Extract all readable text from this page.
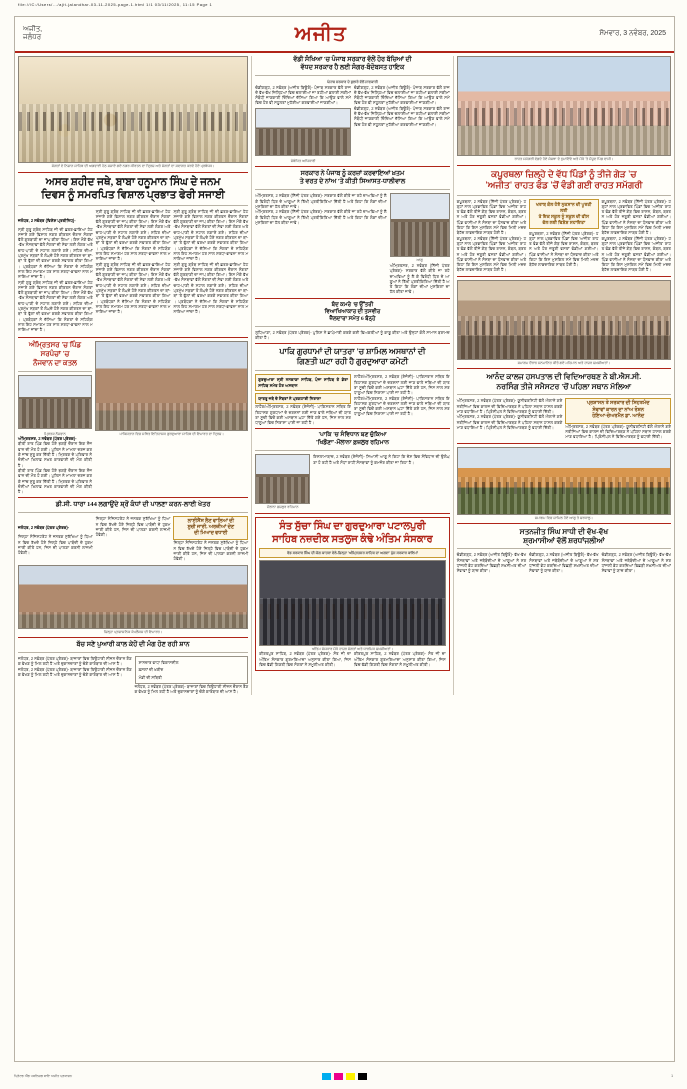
file:///C:/Users/.../ajit-jalandhar-03-11-2025-page-1.html 1/1 03/11/2025, 11:15 Page 1
ਅਜੀਤ,
ਜਲੰਧਰ	ਅਜੀਤ	ਸੋਮਵਾਰ, 3 ਨਵੰਬਰ, 2025
ਸੰਗਤਾਂ ਦੇ ਨਿਸ਼ਾਨ ਸਾਹਿਬ ਦੀ ਅਗਵਾਈ ਹੇਠ ਸਜਾਏ ਗਏ ਨਗਰ ਕੀਰਤਨ ਦਾ ਦ੍ਰਿਸ਼ ਅਤੇ ਸੰਗਤਾਂ ਦਾ ਸਵਾਗਤ ਕਰਦੇ ਹੋਏ ਪ੍ਰਬੰਧਕ।
ਅਸਰ ਸ਼ਹੀਦ ਜਥੇ, ਬਾਬਾ ਹਨੂਮਾਨ ਸਿੰਘ ਦੇ ਜਨਮ
ਦਿਵਸ ਨੂੰ ਸਮਰਪਿਤ ਵਿਸ਼ਾਲ ਪ੍ਰਭਾਤ ਫੇਰੀ ਸਜਾਈ
ਜਲੰਧਰ, 2 ਨਵੰਬਰ (ਵਿਸ਼ੇਸ਼ ਪ੍ਰਤੀਨਿਧ)-
ਸ੍ਰੀ ਗੁਰੂ ਗ੍ਰੰਥ ਸਾਹਿਬ ਜੀ ਦੀ ਛਤਰ-ਛਾਇਆ ਹੇਠ ਸਜਾਏ ਗਏ ਵਿਸ਼ਾਲ ਨਗਰ ਕੀਰਤਨ ਦੌਰਾਨ ਸੰਗਤਾਂ ਵੱਲੋਂ ਗੁਰਬਾਣੀ ਦਾ ਜਾਪ ਕੀਤਾ ਗਿਆ। ਇਸ ਮੌਕੇ ਵੱਖ-ਵੱਖ ਸੰਸਥਾਵਾਂ ਵੱਲੋਂ ਸੰਗਤਾਂ ਦੀ ਸੇਵਾ ਲਈ ਲੰਗਰ ਅਤੇ ਚਾਹ-ਪਾਣੀ ਦੇ ਸਟਾਲ ਲਗਾਏ ਗਏ। ਸ਼ਹਿਰ ਦੀਆਂ ਪ੍ਰਮੁੱਖ ਸੜਕਾਂ ਤੋਂ ਲੰਘਦੇ ਹੋਏ ਨਗਰ ਕੀਰਤਨ ਦਾ ਥਾਂ-ਥਾਂ 'ਤੇ ਫੁੱਲਾਂ ਦੀ ਵਰਖਾ ਕਰਕੇ ਸਵਾਗਤ ਕੀਤਾ ਗਿਆ। ਪ੍ਰਬੰਧਕਾਂ ਨੇ ਦੱਸਿਆ ਕਿ ਸੰਗਤਾਂ ਦੇ ਸਹਿਯੋਗ ਨਾਲ ਇਹ ਸਮਾਗਮ ਹਰ ਸਾਲ ਸ਼ਰਧਾ-ਭਾਵਨਾ ਨਾਲ ਮਨਾਇਆ ਜਾਂਦਾ ਹੈ।
ਸ੍ਰੀ ਗੁਰੂ ਗ੍ਰੰਥ ਸਾਹਿਬ ਜੀ ਦੀ ਛਤਰ-ਛਾਇਆ ਹੇਠ ਸਜਾਏ ਗਏ ਵਿਸ਼ਾਲ ਨਗਰ ਕੀਰਤਨ ਦੌਰਾਨ ਸੰਗਤਾਂ ਵੱਲੋਂ ਗੁਰਬਾਣੀ ਦਾ ਜਾਪ ਕੀਤਾ ਗਿਆ। ਇਸ ਮੌਕੇ ਵੱਖ-ਵੱਖ ਸੰਸਥਾਵਾਂ ਵੱਲੋਂ ਸੰਗਤਾਂ ਦੀ ਸੇਵਾ ਲਈ ਲੰਗਰ ਅਤੇ ਚਾਹ-ਪਾਣੀ ਦੇ ਸਟਾਲ ਲਗਾਏ ਗਏ। ਸ਼ਹਿਰ ਦੀਆਂ ਪ੍ਰਮੁੱਖ ਸੜਕਾਂ ਤੋਂ ਲੰਘਦੇ ਹੋਏ ਨਗਰ ਕੀਰਤਨ ਦਾ ਥਾਂ-ਥਾਂ 'ਤੇ ਫੁੱਲਾਂ ਦੀ ਵਰਖਾ ਕਰਕੇ ਸਵਾਗਤ ਕੀਤਾ ਗਿਆ। ਪ੍ਰਬੰਧਕਾਂ ਨੇ ਦੱਸਿਆ ਕਿ ਸੰਗਤਾਂ ਦੇ ਸਹਿਯੋਗ ਨਾਲ ਇਹ ਸਮਾਗਮ ਹਰ ਸਾਲ ਸ਼ਰਧਾ-ਭਾਵਨਾ ਨਾਲ ਮਨਾਇਆ ਜਾਂਦਾ ਹੈ।
ਸ੍ਰੀ ਗੁਰੂ ਗ੍ਰੰਥ ਸਾਹਿਬ ਜੀ ਦੀ ਛਤਰ-ਛਾਇਆ ਹੇਠ ਸਜਾਏ ਗਏ ਵਿਸ਼ਾਲ ਨਗਰ ਕੀਰਤਨ ਦੌਰਾਨ ਸੰਗਤਾਂ ਵੱਲੋਂ ਗੁਰਬਾਣੀ ਦਾ ਜਾਪ ਕੀਤਾ ਗਿਆ। ਇਸ ਮੌਕੇ ਵੱਖ-ਵੱਖ ਸੰਸਥਾਵਾਂ ਵੱਲੋਂ ਸੰਗਤਾਂ ਦੀ ਸੇਵਾ ਲਈ ਲੰਗਰ ਅਤੇ ਚਾਹ-ਪਾਣੀ ਦੇ ਸਟਾਲ ਲਗਾਏ ਗਏ। ਸ਼ਹਿਰ ਦੀਆਂ ਪ੍ਰਮੁੱਖ ਸੜਕਾਂ ਤੋਂ ਲੰਘਦੇ ਹੋਏ ਨਗਰ ਕੀਰਤਨ ਦਾ ਥਾਂ-ਥਾਂ 'ਤੇ ਫੁੱਲਾਂ ਦੀ ਵਰਖਾ ਕਰਕੇ ਸਵਾਗਤ ਕੀਤਾ ਗਿਆ। ਪ੍ਰਬੰਧਕਾਂ ਨੇ ਦੱਸਿਆ ਕਿ ਸੰਗਤਾਂ ਦੇ ਸਹਿਯੋਗ ਨਾਲ ਇਹ ਸਮਾਗਮ ਹਰ ਸਾਲ ਸ਼ਰਧਾ-ਭਾਵਨਾ ਨਾਲ ਮਨਾਇਆ ਜਾਂਦਾ ਹੈ।
ਸ੍ਰੀ ਗੁਰੂ ਗ੍ਰੰਥ ਸਾਹਿਬ ਜੀ ਦੀ ਛਤਰ-ਛਾਇਆ ਹੇਠ ਸਜਾਏ ਗਏ ਵਿਸ਼ਾਲ ਨਗਰ ਕੀਰਤਨ ਦੌਰਾਨ ਸੰਗਤਾਂ ਵੱਲੋਂ ਗੁਰਬਾਣੀ ਦਾ ਜਾਪ ਕੀਤਾ ਗਿਆ। ਇਸ ਮੌਕੇ ਵੱਖ-ਵੱਖ ਸੰਸਥਾਵਾਂ ਵੱਲੋਂ ਸੰਗਤਾਂ ਦੀ ਸੇਵਾ ਲਈ ਲੰਗਰ ਅਤੇ ਚਾਹ-ਪਾਣੀ ਦੇ ਸਟਾਲ ਲਗਾਏ ਗਏ। ਸ਼ਹਿਰ ਦੀਆਂ ਪ੍ਰਮੁੱਖ ਸੜਕਾਂ ਤੋਂ ਲੰਘਦੇ ਹੋਏ ਨਗਰ ਕੀਰਤਨ ਦਾ ਥਾਂ-ਥਾਂ 'ਤੇ ਫੁੱਲਾਂ ਦੀ ਵਰਖਾ ਕਰਕੇ ਸਵਾਗਤ ਕੀਤਾ ਗਿਆ। ਪ੍ਰਬੰਧਕਾਂ ਨੇ ਦੱਸਿਆ ਕਿ ਸੰਗਤਾਂ ਦੇ ਸਹਿਯੋਗ ਨਾਲ ਇਹ ਸਮਾਗਮ ਹਰ ਸਾਲ ਸ਼ਰਧਾ-ਭਾਵਨਾ ਨਾਲ ਮਨਾਇਆ ਜਾਂਦਾ ਹੈ।
ਸ੍ਰੀ ਗੁਰੂ ਗ੍ਰੰਥ ਸਾਹਿਬ ਜੀ ਦੀ ਛਤਰ-ਛਾਇਆ ਹੇਠ ਸਜਾਏ ਗਏ ਵਿਸ਼ਾਲ ਨਗਰ ਕੀਰਤਨ ਦੌਰਾਨ ਸੰਗਤਾਂ ਵੱਲੋਂ ਗੁਰਬਾਣੀ ਦਾ ਜਾਪ ਕੀਤਾ ਗਿਆ। ਇਸ ਮੌਕੇ ਵੱਖ-ਵੱਖ ਸੰਸਥਾਵਾਂ ਵੱਲੋਂ ਸੰਗਤਾਂ ਦੀ ਸੇਵਾ ਲਈ ਲੰਗਰ ਅਤੇ ਚਾਹ-ਪਾਣੀ ਦੇ ਸਟਾਲ ਲਗਾਏ ਗਏ। ਸ਼ਹਿਰ ਦੀਆਂ ਪ੍ਰਮੁੱਖ ਸੜਕਾਂ ਤੋਂ ਲੰਘਦੇ ਹੋਏ ਨਗਰ ਕੀਰਤਨ ਦਾ ਥਾਂ-ਥਾਂ 'ਤੇ ਫੁੱਲਾਂ ਦੀ ਵਰਖਾ ਕਰਕੇ ਸਵਾਗਤ ਕੀਤਾ ਗਿਆ। ਪ੍ਰਬੰਧਕਾਂ ਨੇ ਦੱਸਿਆ ਕਿ ਸੰਗਤਾਂ ਦੇ ਸਹਿਯੋਗ ਨਾਲ ਇਹ ਸਮਾਗਮ ਹਰ ਸਾਲ ਸ਼ਰਧਾ-ਭਾਵਨਾ ਨਾਲ ਮਨਾਇਆ ਜਾਂਦਾ ਹੈ।
ਸ੍ਰੀ ਗੁਰੂ ਗ੍ਰੰਥ ਸਾਹਿਬ ਜੀ ਦੀ ਛਤਰ-ਛਾਇਆ ਹੇਠ ਸਜਾਏ ਗਏ ਵਿਸ਼ਾਲ ਨਗਰ ਕੀਰਤਨ ਦੌਰਾਨ ਸੰਗਤਾਂ ਵੱਲੋਂ ਗੁਰਬਾਣੀ ਦਾ ਜਾਪ ਕੀਤਾ ਗਿਆ। ਇਸ ਮੌਕੇ ਵੱਖ-ਵੱਖ ਸੰਸਥਾਵਾਂ ਵੱਲੋਂ ਸੰਗਤਾਂ ਦੀ ਸੇਵਾ ਲਈ ਲੰਗਰ ਅਤੇ ਚਾਹ-ਪਾਣੀ ਦੇ ਸਟਾਲ ਲਗਾਏ ਗਏ। ਸ਼ਹਿਰ ਦੀਆਂ ਪ੍ਰਮੁੱਖ ਸੜਕਾਂ ਤੋਂ ਲੰਘਦੇ ਹੋਏ ਨਗਰ ਕੀਰਤਨ ਦਾ ਥਾਂ-ਥਾਂ 'ਤੇ ਫੁੱਲਾਂ ਦੀ ਵਰਖਾ ਕਰਕੇ ਸਵਾਗਤ ਕੀਤਾ ਗਿਆ। ਪ੍ਰਬੰਧਕਾਂ ਨੇ ਦੱਸਿਆ ਕਿ ਸੰਗਤਾਂ ਦੇ ਸਹਿਯੋਗ ਨਾਲ ਇਹ ਸਮਾਗਮ ਹਰ ਸਾਲ ਸ਼ਰਧਾ-ਭਾਵਨਾ ਨਾਲ ਮਨਾਇਆ ਜਾਂਦਾ ਹੈ।
ਅੰਮ੍ਰਿਤਸਰ 'ਚ ਪਿੰਡ
ਸਰਪੰਚਾਂ 'ਚ
ਨੌਜਵਾਨ ਦਾ ਕਤਲ
ਮ੍ਰਿਤਕ ਨੌਜਵਾਨ
ਅੰਮ੍ਰਿਤਸਰ, 2 ਨਵੰਬਰ (ਪੱਤਰ ਪ੍ਰੇਰਕ)-
ਬੀਤੀ ਰਾਤ ਪਿੰਡ ਵਿਚ ਹੋਏ ਝਗੜੇ ਦੌਰਾਨ ਇਕ ਨੌਜਵਾਨ ਦੀ ਮੌਤ ਹੋ ਗਈ। ਪੁਲਿਸ ਨੇ ਮਾਮਲਾ ਦਰਜ ਕਰਕੇ ਜਾਂਚ ਸ਼ੁਰੂ ਕਰ ਦਿੱਤੀ ਹੈ। ਮ੍ਰਿਤਕ ਦੇ ਪਰਿਵਾਰ ਨੇ ਦੋਸ਼ੀਆਂ ਖ਼ਿਲਾਫ਼ ਸਖ਼ਤ ਕਾਰਵਾਈ ਦੀ ਮੰਗ ਕੀਤੀ ਹੈ।
ਬੀਤੀ ਰਾਤ ਪਿੰਡ ਵਿਚ ਹੋਏ ਝਗੜੇ ਦੌਰਾਨ ਇਕ ਨੌਜਵਾਨ ਦੀ ਮੌਤ ਹੋ ਗਈ। ਪੁਲਿਸ ਨੇ ਮਾਮਲਾ ਦਰਜ ਕਰਕੇ ਜਾਂਚ ਸ਼ੁਰੂ ਕਰ ਦਿੱਤੀ ਹੈ। ਮ੍ਰਿਤਕ ਦੇ ਪਰਿਵਾਰ ਨੇ ਦੋਸ਼ੀਆਂ ਖ਼ਿਲਾਫ਼ ਸਖ਼ਤ ਕਾਰਵਾਈ ਦੀ ਮੰਗ ਕੀਤੀ ਹੈ।
ਪਾਕਿਸਤਾਨ ਵਿਚ ਸਥਿਤ ਇਤਿਹਾਸਕ ਗੁਰਦੁਆਰਾ ਸਾਹਿਬ ਦੀ ਇਮਾਰਤ ਦਾ ਦ੍ਰਿਸ਼।
ਡੀ.ਸੀ. ਧਾਰਾ 144 ਲਗਾਉਂਦੇ ਸ਼੍ਰੋਂ ਕੰਧਾਂ ਦੀ ਪਾਲਣਾ ਕਰਨ-ਲਾਈ ਖੇਤਰ
ਜਲੰਧਰ, 2 ਨਵੰਬਰ (ਪੱਤਰ ਪ੍ਰੇਰਕ)-
ਜ਼ਿਲ੍ਹਾ ਮੈਜਿਸਟਰੇਟ ਨੇ ਜਨਤਕ ਸੁਰੱਖਿਆ ਨੂੰ ਧਿਆਨ ਵਿਚ ਰੱਖਦੇ ਹੋਏ ਜ਼ਿਲ੍ਹੇ ਵਿਚ ਪਾਬੰਦੀ ਦੇ ਹੁਕਮ ਜਾਰੀ ਕੀਤੇ ਹਨ, ਜਿਸ ਦੀ ਪਾਲਣਾ ਕਰਨੀ ਲਾਜ਼ਮੀ ਹੋਵੇਗੀ।
ਜ਼ਿਲ੍ਹਾ ਮੈਜਿਸਟਰੇਟ ਨੇ ਜਨਤਕ ਸੁਰੱਖਿਆ ਨੂੰ ਧਿਆਨ ਵਿਚ ਰੱਖਦੇ ਹੋਏ ਜ਼ਿਲ੍ਹੇ ਵਿਚ ਪਾਬੰਦੀ ਦੇ ਹੁਕਮ ਜਾਰੀ ਕੀਤੇ ਹਨ, ਜਿਸ ਦੀ ਪਾਲਣਾ ਕਰਨੀ ਲਾਜ਼ਮੀ ਹੋਵੇਗੀ।
ਲਾਈਸੈਂਸ ਲੈਣ ਵਾਲਿਆਂ ਦੀ
ਸੂਚੀ ਜਾਰੀ, ਅਰਜ਼ੀਆਂ ਦੇਣ
ਦੀ ਮਿਆਦ ਵਧਾਈ
ਜ਼ਿਲ੍ਹਾ ਮੈਜਿਸਟਰੇਟ ਨੇ ਜਨਤਕ ਸੁਰੱਖਿਆ ਨੂੰ ਧਿਆਨ ਵਿਚ ਰੱਖਦੇ ਹੋਏ ਜ਼ਿਲ੍ਹੇ ਵਿਚ ਪਾਬੰਦੀ ਦੇ ਹੁਕਮ ਜਾਰੀ ਕੀਤੇ ਹਨ, ਜਿਸ ਦੀ ਪਾਲਣਾ ਕਰਨੀ ਲਾਜ਼ਮੀ ਹੋਵੇਗੀ।
ਜ਼ਿਲ੍ਹਾ ਪ੍ਰਸ਼ਾਸਨਿਕ ਕੰਪਲੈਕਸ ਦੀ ਇਮਾਰਤ।
ਬੱਚ ਸਣੇ ਪੁਆਰੀ ਕਾਲ ਕੇਹੋਂ ਦੀ ਮੰਗ ਹੋਣ ਰਹੀ ਸ਼ਾਨ
ਜਲੰਧਰ, 2 ਨਵੰਬਰ (ਪੱਤਰ ਪ੍ਰੇਰਕ)- ਬਾਜ਼ਾਰਾਂ ਵਿਚ ਤਿਉਹਾਰੀ ਸੀਜ਼ਨ ਦੌਰਾਨ ਰੌਣਕ ਵੇਖਣ ਨੂੰ ਮਿਲ ਰਹੀ ਹੈ ਅਤੇ ਦੁਕਾਨਦਾਰਾਂ ਨੂੰ ਚੰਗੇ ਕਾਰੋਬਾਰ ਦੀ ਆਸ ਹੈ।
ਜਲੰਧਰ, 2 ਨਵੰਬਰ (ਪੱਤਰ ਪ੍ਰੇਰਕ)- ਬਾਜ਼ਾਰਾਂ ਵਿਚ ਤਿਉਹਾਰੀ ਸੀਜ਼ਨ ਦੌਰਾਨ ਰੌਣਕ ਵੇਖਣ ਨੂੰ ਮਿਲ ਰਹੀ ਹੈ ਅਤੇ ਦੁਕਾਨਦਾਰਾਂ ਨੂੰ ਚੰਗੇ ਕਾਰੋਬਾਰ ਦੀ ਆਸ ਹੈ।
ਸ਼ਾਨਦਾਰ ਵਾਧਾ ਵਿਕਾਸਸ਼ੀਲ
ਫ਼ਸਲਾਂ ਦੀ ਖ਼ਰੀਦ
ਮੰਡੀ ਦੀ ਸਥਿਤੀ
ਜਲੰਧਰ, 2 ਨਵੰਬਰ (ਪੱਤਰ ਪ੍ਰੇਰਕ)- ਬਾਜ਼ਾਰਾਂ ਵਿਚ ਤਿਉਹਾਰੀ ਸੀਜ਼ਨ ਦੌਰਾਨ ਰੌਣਕ ਵੇਖਣ ਨੂੰ ਮਿਲ ਰਹੀ ਹੈ ਅਤੇ ਦੁਕਾਨਦਾਰਾਂ ਨੂੰ ਚੰਗੇ ਕਾਰੋਬਾਰ ਦੀ ਆਸ ਹੈ।
ਵੱਡੀ ਸੰਖਿਆ 'ਚ ਪੰਜਾਬ ਸਰਕਾਰ ਵੱਲੋਂ ਹੋਰ ਬੱਚਿਆਂ ਦੀ
ਵੱਧਦ ਸਰਕਾਰ ਹੈ ਲਈ ਸੰਗਰ-ਬੰਦੋਬਸਤ ਹਾਇਕ
ਪੰਜਾਬ ਸਰਕਾਰ ਦੇ ਬੁਲਾਰੇ ਵੱਲੋਂ ਜਾਣਕਾਰੀ
ਚੰਡੀਗੜ੍ਹ, 2 ਨਵੰਬਰ (ਅਜੀਤ ਬਿਊਰੋ)- ਪੰਜਾਬ ਸਰਕਾਰ ਵੱਲੋਂ ਰਾਜ ਦੇ ਵੱਖ-ਵੱਖ ਜ਼ਿਲ੍ਹਿਆਂ ਵਿਚ ਚਲਾਈਆਂ ਜਾ ਰਹੀਆਂ ਭਲਾਈ ਸਕੀਮਾਂ ਸੰਬੰਧੀ ਜਾਣਕਾਰੀ ਦਿੰਦਿਆਂ ਦੱਸਿਆ ਗਿਆ ਕਿ ਆਉਣ ਵਾਲੇ ਸਮੇਂ ਵਿਚ ਹੋਰ ਵੀ ਸਹੂਲਤਾਂ ਮੁਹੱਈਆ ਕਰਵਾਈਆਂ ਜਾਣਗੀਆਂ।
ਸੰਬੰਧਿਤ ਅਧਿਕਾਰੀ
ਚੰਡੀਗੜ੍ਹ, 2 ਨਵੰਬਰ (ਅਜੀਤ ਬਿਊਰੋ)- ਪੰਜਾਬ ਸਰਕਾਰ ਵੱਲੋਂ ਰਾਜ ਦੇ ਵੱਖ-ਵੱਖ ਜ਼ਿਲ੍ਹਿਆਂ ਵਿਚ ਚਲਾਈਆਂ ਜਾ ਰਹੀਆਂ ਭਲਾਈ ਸਕੀਮਾਂ ਸੰਬੰਧੀ ਜਾਣਕਾਰੀ ਦਿੰਦਿਆਂ ਦੱਸਿਆ ਗਿਆ ਕਿ ਆਉਣ ਵਾਲੇ ਸਮੇਂ ਵਿਚ ਹੋਰ ਵੀ ਸਹੂਲਤਾਂ ਮੁਹੱਈਆ ਕਰਵਾਈਆਂ ਜਾਣਗੀਆਂ।
ਚੰਡੀਗੜ੍ਹ, 2 ਨਵੰਬਰ (ਅਜੀਤ ਬਿਊਰੋ)- ਪੰਜਾਬ ਸਰਕਾਰ ਵੱਲੋਂ ਰਾਜ ਦੇ ਵੱਖ-ਵੱਖ ਜ਼ਿਲ੍ਹਿਆਂ ਵਿਚ ਚਲਾਈਆਂ ਜਾ ਰਹੀਆਂ ਭਲਾਈ ਸਕੀਮਾਂ ਸੰਬੰਧੀ ਜਾਣਕਾਰੀ ਦਿੰਦਿਆਂ ਦੱਸਿਆ ਗਿਆ ਕਿ ਆਉਣ ਵਾਲੇ ਸਮੇਂ ਵਿਚ ਹੋਰ ਵੀ ਸਹੂਲਤਾਂ ਮੁਹੱਈਆ ਕਰਵਾਈਆਂ ਜਾਣਗੀਆਂ।
ਸਰਕਾਰ ਨੇ ਪੰਜਾਬ ਨੂੰ ਕਰਜ਼ਾਂ ਕਰਵਾਇਆਂ ਖ਼ਤਮ
ਤੇ ਵਰਤ ਦੇ ਨਾਂਅ 'ਤੇ ਕੀਤੀ ਸਿਆਸਤ-ਧਾਲੀਵਾਲ
ਅੰਮ੍ਰਿਤਸਰ, 2 ਨਵੰਬਰ (ਨਿੱਜੀ ਪੱਤਰ ਪ੍ਰੇਰਕ)- ਸਰਕਾਰ ਵੱਲੋਂ ਕੀਤੇ ਜਾ ਰਹੇ ਦਾਅਵਿਆਂ ਨੂੰ ਲੈ ਕੇ ਵਿਰੋਧੀ ਧਿਰ ਦੇ ਆਗੂਆਂ ਨੇ ਤਿੱਖੀ ਪ੍ਰਤੀਕਿਰਿਆ ਦਿੱਤੀ ਹੈ ਅਤੇ ਕਿਹਾ ਕਿ ਲੋਕਾਂ ਦੀਆਂ ਮੁਸ਼ਕਿਲਾਂ ਦਾ ਹੱਲ ਕੀਤਾ ਜਾਵੇ।
ਅੰਮ੍ਰਿਤਸਰ, 2 ਨਵੰਬਰ (ਨਿੱਜੀ ਪੱਤਰ ਪ੍ਰੇਰਕ)- ਸਰਕਾਰ ਵੱਲੋਂ ਕੀਤੇ ਜਾ ਰਹੇ ਦਾਅਵਿਆਂ ਨੂੰ ਲੈ ਕੇ ਵਿਰੋਧੀ ਧਿਰ ਦੇ ਆਗੂਆਂ ਨੇ ਤਿੱਖੀ ਪ੍ਰਤੀਕਿਰਿਆ ਦਿੱਤੀ ਹੈ ਅਤੇ ਕਿਹਾ ਕਿ ਲੋਕਾਂ ਦੀਆਂ ਮੁਸ਼ਕਿਲਾਂ ਦਾ ਹੱਲ ਕੀਤਾ ਜਾਵੇ।
ਆਗੂ
ਅੰਮ੍ਰਿਤਸਰ, 2 ਨਵੰਬਰ (ਨਿੱਜੀ ਪੱਤਰ ਪ੍ਰੇਰਕ)- ਸਰਕਾਰ ਵੱਲੋਂ ਕੀਤੇ ਜਾ ਰਹੇ ਦਾਅਵਿਆਂ ਨੂੰ ਲੈ ਕੇ ਵਿਰੋਧੀ ਧਿਰ ਦੇ ਆਗੂਆਂ ਨੇ ਤਿੱਖੀ ਪ੍ਰਤੀਕਿਰਿਆ ਦਿੱਤੀ ਹੈ ਅਤੇ ਕਿਹਾ ਕਿ ਲੋਕਾਂ ਦੀਆਂ ਮੁਸ਼ਕਿਲਾਂ ਦਾ ਹੱਲ ਕੀਤਾ ਜਾਵੇ।
ਬੰਦ ਕਮਰੇ 'ਚ ਉੱਤਰੀ
ਵਿਆਖਿਆਕਾਰ ਦੀ ਤਸਵੀਰ
ਜ਼ੈਲਦਾਰਾ ਸਮੇਤ 6 ਬੰਨ੍ਹੇ
ਲੁਧਿਆਣਾ, 2 ਨਵੰਬਰ (ਪੱਤਰ ਪ੍ਰੇਰਕ)- ਪੁਲਿਸ ਨੇ ਛਾਪੇਮਾਰੀ ਕਰਕੇ ਕਈ ਵਿਅਕਤੀਆਂ ਨੂੰ ਕਾਬੂ ਕੀਤਾ ਅਤੇ ਉਨ੍ਹਾਂ ਕੋਲੋਂ ਸਾਮਾਨ ਬਰਾਮਦ ਕੀਤਾ ਹੈ।
ਪਾਕਿ ਗੁਰਧਾਮਾਂ ਦੀ ਯਾਤਰਾ 'ਚ ਸ਼ਾਮਿਲ ਅਸਥਾਨਾਂ ਦੀ
ਗਿਣਤੀ ਘਟਾ ਰਹੀ ਹੈ ਗੁਰਦੁਆਰਾ ਕਮੇਟੀ
ਗੁਰਦੁਆਰਾ ਸ੍ਰੀ ਨਨਕਾਣਾ ਸਾਹਿਬ, ਪੰਜਾ ਸਾਹਿਬ ਤੇ ਡੇਰਾ ਸਾਹਿਬ ਸਮੇਤ ਹੋਰ ਅਸਥਾਨ
ਯਾਤਰੂ ਜਥੇ ਦੇ ਮੈਂਬਰਾਂ ਨੇ ਪ੍ਰਗਟਾਈ ਨਿਰਾਸ਼ਾ
ਲਾਹੌਰ/ਅੰਮ੍ਰਿਤਸਰ, 2 ਨਵੰਬਰ (ਏਜੰਸੀ)- ਪਾਕਿਸਤਾਨ ਸਥਿਤ ਇਤਿਹਾਸਕ ਗੁਰਧਾਮਾਂ ਦੇ ਦਰਸ਼ਨਾਂ ਲਈ ਜਾਣ ਵਾਲੇ ਜਥਿਆਂ ਦੀ ਯਾਤਰਾ ਸੂਚੀ ਵਿਚੋਂ ਕਈ ਅਸਥਾਨ ਘਟਾ ਦਿੱਤੇ ਗਏ ਹਨ, ਜਿਸ ਨਾਲ ਸ਼ਰਧਾਲੂਆਂ ਵਿਚ ਨਿਰਾਸ਼ਾ ਪਾਈ ਜਾ ਰਹੀ ਹੈ।
ਲਾਹੌਰ/ਅੰਮ੍ਰਿਤਸਰ, 2 ਨਵੰਬਰ (ਏਜੰਸੀ)- ਪਾਕਿਸਤਾਨ ਸਥਿਤ ਇਤਿਹਾਸਕ ਗੁਰਧਾਮਾਂ ਦੇ ਦਰਸ਼ਨਾਂ ਲਈ ਜਾਣ ਵਾਲੇ ਜਥਿਆਂ ਦੀ ਯਾਤਰਾ ਸੂਚੀ ਵਿਚੋਂ ਕਈ ਅਸਥਾਨ ਘਟਾ ਦਿੱਤੇ ਗਏ ਹਨ, ਜਿਸ ਨਾਲ ਸ਼ਰਧਾਲੂਆਂ ਵਿਚ ਨਿਰਾਸ਼ਾ ਪਾਈ ਜਾ ਰਹੀ ਹੈ।
ਲਾਹੌਰ/ਅੰਮ੍ਰਿਤਸਰ, 2 ਨਵੰਬਰ (ਏਜੰਸੀ)- ਪਾਕਿਸਤਾਨ ਸਥਿਤ ਇਤਿਹਾਸਕ ਗੁਰਧਾਮਾਂ ਦੇ ਦਰਸ਼ਨਾਂ ਲਈ ਜਾਣ ਵਾਲੇ ਜਥਿਆਂ ਦੀ ਯਾਤਰਾ ਸੂਚੀ ਵਿਚੋਂ ਕਈ ਅਸਥਾਨ ਘਟਾ ਦਿੱਤੇ ਗਏ ਹਨ, ਜਿਸ ਨਾਲ ਸ਼ਰਧਾਲੂਆਂ ਵਿਚ ਨਿਰਾਸ਼ਾ ਪਾਈ ਜਾ ਰਹੀ ਹੈ।
'ਪਾਕਿ 'ਚ ਸੰਵਿਧਾਨ ਬਣ ਚੁੱਕਿਆ
'ਖਿਡੌਣਾ'-ਮੌਲਾਨਾ ਫ਼ਜ਼ਲੁਰ ਰਹਿਮਾਨ
ਮੌਲਾਨਾ ਫ਼ਜ਼ਲੁਰ ਰਹਿਮਾਨ
ਇਸਲਾਮਾਬਾਦ, 2 ਨਵੰਬਰ (ਏਜੰਸੀ)- ਸਿਆਸੀ ਆਗੂ ਨੇ ਕਿਹਾ ਕਿ ਦੇਸ਼ ਵਿਚ ਸੰਵਿਧਾਨ ਦੀ ਉਲੰਘਣਾ ਹੋ ਰਹੀ ਹੈ ਅਤੇ ਸੋਧਾਂ ਰਾਹੀਂ ਸੰਸਥਾਵਾਂ ਨੂੰ ਕਮਜ਼ੋਰ ਕੀਤਾ ਜਾ ਰਿਹਾ ਹੈ।
ਸੰਤ ਸੁੱਚਾ ਸਿੰਘ ਦਾ ਗੁਰਦੁਆਰਾ ਪਟਾਲਪੁਰੀ
ਸਾਹਿਬ ਨਜ਼ਦੀਕ ਸਤਲੁਜ ਕੰਢੇ ਅੰਤਿਮ ਸੰਸਕਾਰ
ਵੱਡ ਸਰਕਾਰ ਸਿੰਘ ਦੀ ਯੋਗ ਯਾਤਰਾ ਵੇਲੇ-ਜ਼ਿਲ੍ਹਾ 'ਅੰਮ੍ਰਿਤਸਰ ਸਾਹਿਬ ਦਾ ਅਗਵਾ' ਪੁੱਜ ਸਰਕਾਰ ਕਾਇਮਾਂ
ਅੰਤਿਮ ਸੰਸਕਾਰ ਮੌਕੇ ਹਾਜ਼ਰ ਸੰਗਤਾਂ ਅਤੇ ਧਾਰਮਿਕ ਸ਼ਖ਼ਸੀਅਤਾਂ।
ਕੀਰਤਪੁਰ ਸਾਹਿਬ, 2 ਨਵੰਬਰ (ਪੱਤਰ ਪ੍ਰੇਰਕ)- ਸੰਤ ਜੀ ਦਾ ਅੰਤਿਮ ਸੰਸਕਾਰ ਗੁਰਮਰਿਆਦਾ ਅਨੁਸਾਰ ਕੀਤਾ ਗਿਆ, ਜਿਸ ਵਿਚ ਵੱਡੀ ਗਿਣਤੀ ਵਿਚ ਸੰਗਤਾਂ ਨੇ ਸ਼ਮੂਲੀਅਤ ਕੀਤੀ।
ਕੀਰਤਪੁਰ ਸਾਹਿਬ, 2 ਨਵੰਬਰ (ਪੱਤਰ ਪ੍ਰੇਰਕ)- ਸੰਤ ਜੀ ਦਾ ਅੰਤਿਮ ਸੰਸਕਾਰ ਗੁਰਮਰਿਆਦਾ ਅਨੁਸਾਰ ਕੀਤਾ ਗਿਆ, ਜਿਸ ਵਿਚ ਵੱਡੀ ਗਿਣਤੀ ਵਿਚ ਸੰਗਤਾਂ ਨੇ ਸ਼ਮੂਲੀਅਤ ਕੀਤੀ।
ਰਾਹਤ ਸਮੱਗਰੀ ਵੰਡਦੇ ਹੋਏ ਸੰਸਥਾ ਦੇ ਨੁਮਾਇੰਦੇ ਅਤੇ ਮੌਕੇ 'ਤੇ ਮੌਜੂਦ ਪਿੰਡ ਵਾਸੀ।
ਕਪੂਰਥਲਾ ਜ਼ਿਲ੍ਹੇ ਦੇ ਵੱਧ ਪਿੰਡਾਂ ਨੂੰ ਤੀਜੇ ਗੇੜ 'ਚ
'ਅਜੀਤ' ਰਾਹਤ ਫੰਡ 'ਚੋਂ ਵੰਡੀ ਗਈ ਰਾਹਤ ਸਮੱਗਰੀ
ਕਪੂਰਥਲਾ, 2 ਨਵੰਬਰ (ਨਿੱਜੀ ਪੱਤਰ ਪ੍ਰੇਰਕ)- ਹੜ੍ਹਾਂ ਨਾਲ ਪ੍ਰਭਾਵਿਤ ਪਿੰਡਾਂ ਵਿਚ 'ਅਜੀਤ' ਰਾਹਤ ਫੰਡ ਵੱਲੋਂ ਤੀਜੇ ਗੇੜ ਵਿਚ ਰਾਸ਼ਨ, ਕੰਬਲ, ਬਰਤਨ ਅਤੇ ਹੋਰ ਜ਼ਰੂਰੀ ਵਸਤਾਂ ਵੰਡੀਆਂ ਗਈਆਂ। ਪਿੰਡ ਵਾਸੀਆਂ ਨੇ ਸੰਸਥਾ ਦਾ ਧੰਨਵਾਦ ਕੀਤਾ ਅਤੇ ਕਿਹਾ ਕਿ ਇਸ ਮੁਸ਼ਕਿਲ ਸਮੇਂ ਵਿਚ ਮਿਲੀ ਮਦਦ ਬੇਹੱਦ ਲਾਭਦਾਇਕ ਸਾਬਤ ਹੋਈ ਹੈ।
ਕਪੂਰਥਲਾ, 2 ਨਵੰਬਰ (ਨਿੱਜੀ ਪੱਤਰ ਪ੍ਰੇਰਕ)- ਹੜ੍ਹਾਂ ਨਾਲ ਪ੍ਰਭਾਵਿਤ ਪਿੰਡਾਂ ਵਿਚ 'ਅਜੀਤ' ਰਾਹਤ ਫੰਡ ਵੱਲੋਂ ਤੀਜੇ ਗੇੜ ਵਿਚ ਰਾਸ਼ਨ, ਕੰਬਲ, ਬਰਤਨ ਅਤੇ ਹੋਰ ਜ਼ਰੂਰੀ ਵਸਤਾਂ ਵੰਡੀਆਂ ਗਈਆਂ। ਪਿੰਡ ਵਾਸੀਆਂ ਨੇ ਸੰਸਥਾ ਦਾ ਧੰਨਵਾਦ ਕੀਤਾ ਅਤੇ ਕਿਹਾ ਕਿ ਇਸ ਮੁਸ਼ਕਿਲ ਸਮੇਂ ਵਿਚ ਮਿਲੀ ਮਦਦ ਬੇਹੱਦ ਲਾਭਦਾਇਕ ਸਾਬਤ ਹੋਈ ਹੈ।
ਖਰਾਬ ਕੋਲ ਹੋਏ ਨੁਕਸਾਨ ਦੀ ਪੂਰਤੀ ਲਈ
ਤੇ ਇਕ ਸਕੂਲ ਨੂੰ ਸਕੂਲ ਦੀ ਫੀਸ
ਵੱਲ ਲਈ ਵਿਸ਼ੇਸ਼ ਸਹਾਇਤਾ
ਕਪੂਰਥਲਾ, 2 ਨਵੰਬਰ (ਨਿੱਜੀ ਪੱਤਰ ਪ੍ਰੇਰਕ)- ਹੜ੍ਹਾਂ ਨਾਲ ਪ੍ਰਭਾਵਿਤ ਪਿੰਡਾਂ ਵਿਚ 'ਅਜੀਤ' ਰਾਹਤ ਫੰਡ ਵੱਲੋਂ ਤੀਜੇ ਗੇੜ ਵਿਚ ਰਾਸ਼ਨ, ਕੰਬਲ, ਬਰਤਨ ਅਤੇ ਹੋਰ ਜ਼ਰੂਰੀ ਵਸਤਾਂ ਵੰਡੀਆਂ ਗਈਆਂ। ਪਿੰਡ ਵਾਸੀਆਂ ਨੇ ਸੰਸਥਾ ਦਾ ਧੰਨਵਾਦ ਕੀਤਾ ਅਤੇ ਕਿਹਾ ਕਿ ਇਸ ਮੁਸ਼ਕਿਲ ਸਮੇਂ ਵਿਚ ਮਿਲੀ ਮਦਦ ਬੇਹੱਦ ਲਾਭਦਾਇਕ ਸਾਬਤ ਹੋਈ ਹੈ।
ਕਪੂਰਥਲਾ, 2 ਨਵੰਬਰ (ਨਿੱਜੀ ਪੱਤਰ ਪ੍ਰੇਰਕ)- ਹੜ੍ਹਾਂ ਨਾਲ ਪ੍ਰਭਾਵਿਤ ਪਿੰਡਾਂ ਵਿਚ 'ਅਜੀਤ' ਰਾਹਤ ਫੰਡ ਵੱਲੋਂ ਤੀਜੇ ਗੇੜ ਵਿਚ ਰਾਸ਼ਨ, ਕੰਬਲ, ਬਰਤਨ ਅਤੇ ਹੋਰ ਜ਼ਰੂਰੀ ਵਸਤਾਂ ਵੰਡੀਆਂ ਗਈਆਂ। ਪਿੰਡ ਵਾਸੀਆਂ ਨੇ ਸੰਸਥਾ ਦਾ ਧੰਨਵਾਦ ਕੀਤਾ ਅਤੇ ਕਿਹਾ ਕਿ ਇਸ ਮੁਸ਼ਕਿਲ ਸਮੇਂ ਵਿਚ ਮਿਲੀ ਮਦਦ ਬੇਹੱਦ ਲਾਭਦਾਇਕ ਸਾਬਤ ਹੋਈ ਹੈ।
ਕਪੂਰਥਲਾ, 2 ਨਵੰਬਰ (ਨਿੱਜੀ ਪੱਤਰ ਪ੍ਰੇਰਕ)- ਹੜ੍ਹਾਂ ਨਾਲ ਪ੍ਰਭਾਵਿਤ ਪਿੰਡਾਂ ਵਿਚ 'ਅਜੀਤ' ਰਾਹਤ ਫੰਡ ਵੱਲੋਂ ਤੀਜੇ ਗੇੜ ਵਿਚ ਰਾਸ਼ਨ, ਕੰਬਲ, ਬਰਤਨ ਅਤੇ ਹੋਰ ਜ਼ਰੂਰੀ ਵਸਤਾਂ ਵੰਡੀਆਂ ਗਈਆਂ। ਪਿੰਡ ਵਾਸੀਆਂ ਨੇ ਸੰਸਥਾ ਦਾ ਧੰਨਵਾਦ ਕੀਤਾ ਅਤੇ ਕਿਹਾ ਕਿ ਇਸ ਮੁਸ਼ਕਿਲ ਸਮੇਂ ਵਿਚ ਮਿਲੀ ਮਦਦ ਬੇਹੱਦ ਲਾਭਦਾਇਕ ਸਾਬਤ ਹੋਈ ਹੈ।
ਸਮਾਗਮ ਦੌਰਾਨ ਸਨਮਾਨਿਤ ਕੀਤੇ ਗਏ ਮਹਿਮਾਨ ਅਤੇ ਹਾਜ਼ਰ ਸ਼ਖ਼ਸੀਅਤਾਂ।
ਆਨੰਦ ਕਾਲਜ ਹਸਪਤਾਲ ਦੀ ਵਿਦਿਆਰਥਣ ਨੇ ਬੀ.ਐਸ.ਸੀ.
ਨਰਸਿੰਗ ਤੀਜੇ ਸਮੈਸਟਰ 'ਚੋਂ ਪਹਿਲਾ ਸਥਾਨ ਮੱਲਿਆ
ਅੰਮ੍ਰਿਤਸਰ, 2 ਨਵੰਬਰ (ਪੱਤਰ ਪ੍ਰੇਰਕ)- ਯੂਨੀਵਰਸਿਟੀ ਵੱਲੋਂ ਐਲਾਨੇ ਗਏ ਨਤੀਜਿਆਂ ਵਿਚ ਕਾਲਜ ਦੀ ਵਿਦਿਆਰਥਣ ਨੇ ਪਹਿਲਾ ਸਥਾਨ ਹਾਸਲ ਕਰਕੇ ਮਾਣ ਵਧਾਇਆ ਹੈ। ਪ੍ਰਿੰਸੀਪਲ ਨੇ ਵਿਦਿਆਰਥਣ ਨੂੰ ਵਧਾਈ ਦਿੱਤੀ।
ਅੰਮ੍ਰਿਤਸਰ, 2 ਨਵੰਬਰ (ਪੱਤਰ ਪ੍ਰੇਰਕ)- ਯੂਨੀਵਰਸਿਟੀ ਵੱਲੋਂ ਐਲਾਨੇ ਗਏ ਨਤੀਜਿਆਂ ਵਿਚ ਕਾਲਜ ਦੀ ਵਿਦਿਆਰਥਣ ਨੇ ਪਹਿਲਾ ਸਥਾਨ ਹਾਸਲ ਕਰਕੇ ਮਾਣ ਵਧਾਇਆ ਹੈ। ਪ੍ਰਿੰਸੀਪਲ ਨੇ ਵਿਦਿਆਰਥਣ ਨੂੰ ਵਧਾਈ ਦਿੱਤੀ।
ਪ੍ਰਸ਼ਾਸਨ ਤੇ ਸਰਕਾਰ ਦੀ ਸਿਹਤਮੰਦ
ਸੇਵਾਵਾਂ ਕਾਰਨ ਦਾ ਨਾਂਅ ਰੋਸ਼ਨ
ਹੋਇਆ-ਚੇਅਰਮੈਨ ਡਾ. ਆਨੰਦ
ਅੰਮ੍ਰਿਤਸਰ, 2 ਨਵੰਬਰ (ਪੱਤਰ ਪ੍ਰੇਰਕ)- ਯੂਨੀਵਰਸਿਟੀ ਵੱਲੋਂ ਐਲਾਨੇ ਗਏ ਨਤੀਜਿਆਂ ਵਿਚ ਕਾਲਜ ਦੀ ਵਿਦਿਆਰਥਣ ਨੇ ਪਹਿਲਾ ਸਥਾਨ ਹਾਸਲ ਕਰਕੇ ਮਾਣ ਵਧਾਇਆ ਹੈ। ਪ੍ਰਿੰਸੀਪਲ ਨੇ ਵਿਦਿਆਰਥਣ ਨੂੰ ਵਧਾਈ ਦਿੱਤੀ।
ਸਮਾਗਮ ਵਿਚ ਸ਼ਾਮਿਲ ਹੋਏ ਆਗੂ ਤੇ ਸ਼ਰਧਾਲੂ।
ਸਤਨਜੀਤ ਸਿੰਘ ਸਾਧੀ ਦੀ ਵੱਖ-ਵੱਖ
ਸ਼੍ਰਮਾਸੀਆਂ ਵੱਲੋਂ ਸ਼ਰਧਾਂਜਲੀਆਂ
ਚੰਡੀਗੜ੍ਹ, 2 ਨਵੰਬਰ (ਅਜੀਤ ਬਿਊਰੋ)- ਵੱਖ-ਵੱਖ ਸੰਸਥਾਵਾਂ ਅਤੇ ਜਥੇਬੰਦੀਆਂ ਦੇ ਆਗੂਆਂ ਨੇ ਸ਼ਰਧਾਂਜਲੀ ਭੇਟ ਕਰਦਿਆਂ ਵਿਛੜੀ ਸ਼ਖ਼ਸੀਅਤ ਦੀਆਂ ਸੇਵਾਵਾਂ ਨੂੰ ਯਾਦ ਕੀਤਾ।
ਚੰਡੀਗੜ੍ਹ, 2 ਨਵੰਬਰ (ਅਜੀਤ ਬਿਊਰੋ)- ਵੱਖ-ਵੱਖ ਸੰਸਥਾਵਾਂ ਅਤੇ ਜਥੇਬੰਦੀਆਂ ਦੇ ਆਗੂਆਂ ਨੇ ਸ਼ਰਧਾਂਜਲੀ ਭੇਟ ਕਰਦਿਆਂ ਵਿਛੜੀ ਸ਼ਖ਼ਸੀਅਤ ਦੀਆਂ ਸੇਵਾਵਾਂ ਨੂੰ ਯਾਦ ਕੀਤਾ।
ਚੰਡੀਗੜ੍ਹ, 2 ਨਵੰਬਰ (ਅਜੀਤ ਬਿਊਰੋ)- ਵੱਖ-ਵੱਖ ਸੰਸਥਾਵਾਂ ਅਤੇ ਜਥੇਬੰਦੀਆਂ ਦੇ ਆਗੂਆਂ ਨੇ ਸ਼ਰਧਾਂਜਲੀ ਭੇਟ ਕਰਦਿਆਂ ਵਿਛੜੀ ਸ਼ਖ਼ਸੀਅਤ ਦੀਆਂ ਸੇਵਾਵਾਂ ਨੂੰ ਯਾਦ ਕੀਤਾ।
ਪ੍ਰਿੰਟਡ ਐਂਡ ਪਬਲਿਸ਼ਡ ਬਾਇ ਅਜੀਤ ਪ੍ਰਕਾਸ਼ਨ	1
